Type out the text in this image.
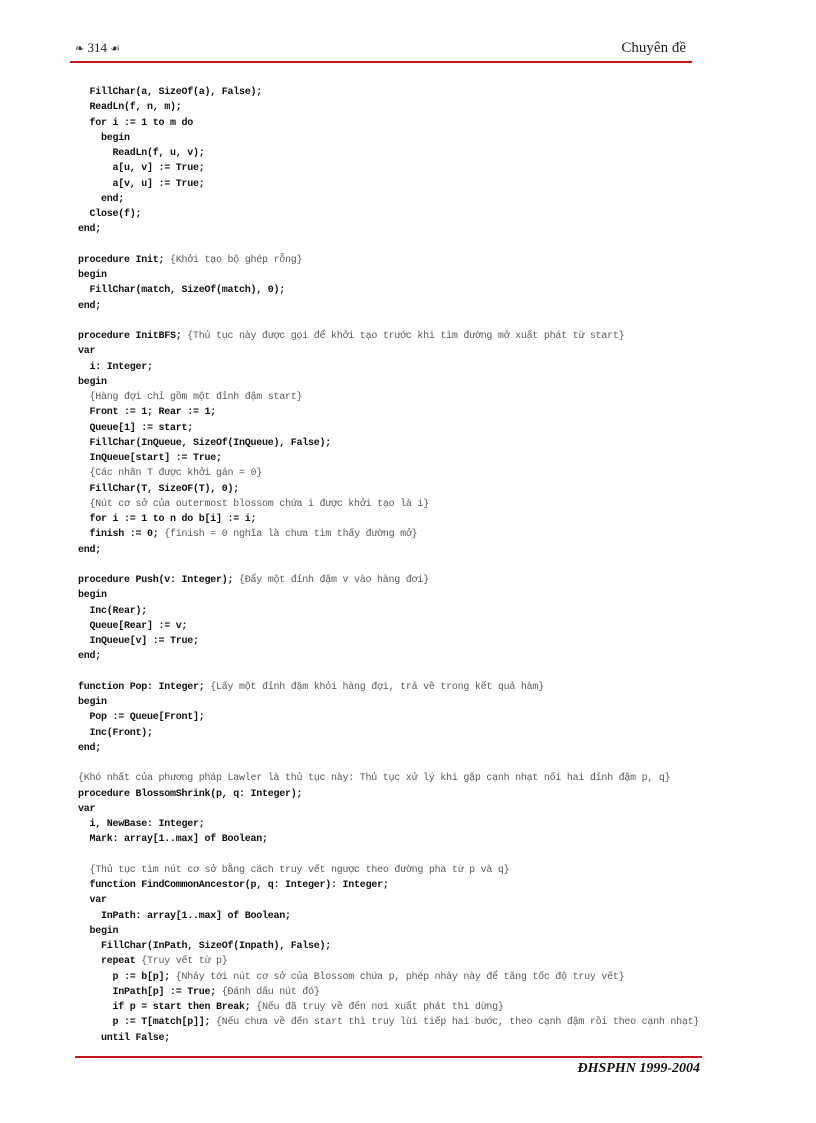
❧ 314 ☙	Chuyên đề
FillChar(a, SizeOf(a), False);
ReadLn(f, n, m);
for i := 1 to m do
begin
ReadLn(f, u, v);
a[u, v] := True;
a[v, u] := True;
end;
Close(f);
end;
procedure Init; {Khởi tạo bộ ghép rỗng}
begin
FillChar(match, SizeOf(match), 0);
end;
procedure InitBFS; {Thủ tục này được gọi để khởi tạo trước khi tìm đường mở xuất phát từ start}
var
i: Integer;
begin
{Hàng đợi chỉ gồm một đỉnh đậm start}
Front := 1; Rear := 1;
Queue[1] := start;
FillChar(InQueue, SizeOf(InQueue), False);
InQueue[start] := True;
{Các nhãn T được khởi gán = 0}
FillChar(T, SizeOF(T), 0);
{Nút cơ sở của outermost blossom chứa i được khởi tạo là i}
for i := 1 to n do b[i] := i;
finish := 0; {finish = 0 nghĩa là chưa tìm thấy đường mở}
end;
procedure Push(v: Integer); {Đẩy một đỉnh đậm v vào hàng đơi}
begin
Inc(Rear);
Queue[Rear] := v;
InQueue[v] := True;
end;
function Pop: Integer; {Lấy một đỉnh đậm khỏi hàng đợi, trả về trong kết quả hàm}
begin
Pop := Queue[Front];
Inc(Front);
end;
{Khó nhất của phương pháp Lawler là thủ tục này: Thủ tục xử lý khi gặp cạnh nhạt nối hai đỉnh đậm p, q}
procedure BlossomShrink(p, q: Integer);
var
i, NewBase: Integer;
Mark: array[1..max] of Boolean;
{Thủ tục tìm nút cơ sở bằng cách truy vết ngược theo đường pha từ p và q}
function FindCommonAncestor(p, q: Integer): Integer;
var
InPath: array[1..max] of Boolean;
begin
FillChar(InPath, SizeOf(Inpath), False);
repeat {Truy vết từ p}
p := b[p]; {Nhảy tới nút cơ sở của Blossom chứa p, phép nhảy này để tăng tốc độ truy vết}
InPath[p] := True; {Đánh dấu nút đó}
if p = start then Break; {Nếu đã truy về đến nơi xuất phát thì dừng}
p := T[match[p]]; {Nếu chưa về đến start thì truy lùi tiếp hai bước, theo cạnh đậm rồi theo cạnh nhạt}
until False;
ĐHSPHN 1999-2004
